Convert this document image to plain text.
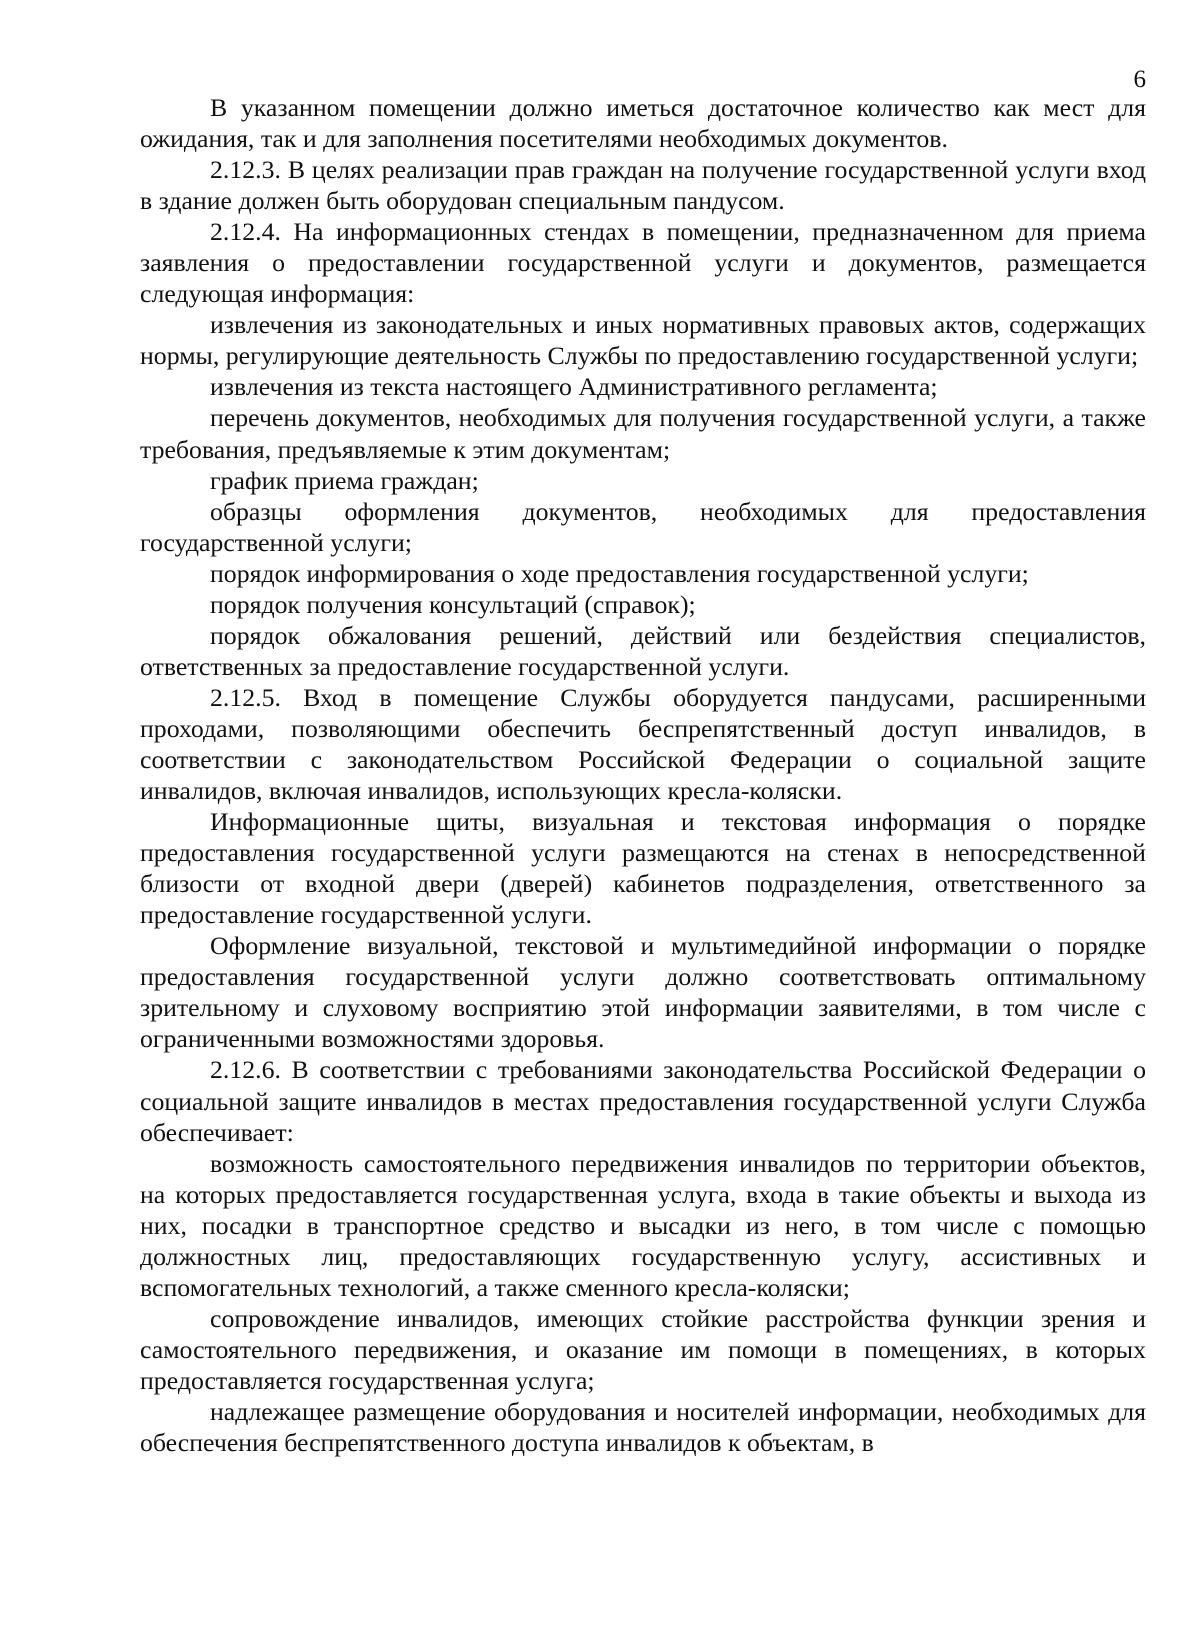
6

В указанном помещении должно иметься достаточное количество как мест для ожидания, так и для заполнения посетителями необходимых документов.

2.12.3. В целях реализации прав граждан на получение государственной услуги вход в здание должен быть оборудован специальным пандусом.

2.12.4. На информационных стендах в помещении, предназначенном для приема заявления о предоставлении государственной услуги и документов, размещается следующая информация:

извлечения из законодательных и иных нормативных правовых актов, содержащих нормы, регулирующие деятельность Службы по предоставлению государственной услуги;

извлечения из текста настоящего Административного регламента;

перечень документов, необходимых для получения государственной услуги, а также требования, предъявляемые к этим документам;

график приема граждан;

образцы оформления документов, необходимых для предоставления государственной услуги;

порядок информирования о ходе предоставления государственной услуги;

порядок получения консультаций (справок);

порядок обжалования решений, действий или бездействия специалистов, ответственных за предоставление государственной услуги.

2.12.5. Вход в помещение Службы оборудуется пандусами, расширенными проходами, позволяющими обеспечить беспрепятственный доступ инвалидов, в соответствии с законодательством Российской Федерации о социальной защите инвалидов, включая инвалидов, использующих кресла-коляски.

Информационные щиты, визуальная и текстовая информация о порядке предоставления государственной услуги размещаются на стенах в непосредственной близости от входной двери (дверей) кабинетов подразделения, ответственного за предоставление государственной услуги.

Оформление визуальной, текстовой и мультимедийной информации о порядке предоставления государственной услуги должно соответствовать оптимальному зрительному и слуховому восприятию этой информации заявителями, в том числе с ограниченными возможностями здоровья.

2.12.6. В соответствии с требованиями законодательства Российской Федерации о социальной защите инвалидов в местах предоставления государственной услуги Служба обеспечивает:

возможность самостоятельного передвижения инвалидов по территории объектов, на которых предоставляется государственная услуга, входа в такие объекты и выхода из них, посадки в транспортное средство и высадки из него, в том числе с помощью должностных лиц, предоставляющих государственную услугу, ассистивных и вспомогательных технологий, а также сменного кресла-коляски;

сопровождение инвалидов, имеющих стойкие расстройства функции зрения и самостоятельного передвижения, и оказание им помощи в помещениях, в которых предоставляется государственная услуга;

надлежащее размещение оборудования и носителей информации, необходимых для обеспечения беспрепятственного доступа инвалидов к объектам, в
